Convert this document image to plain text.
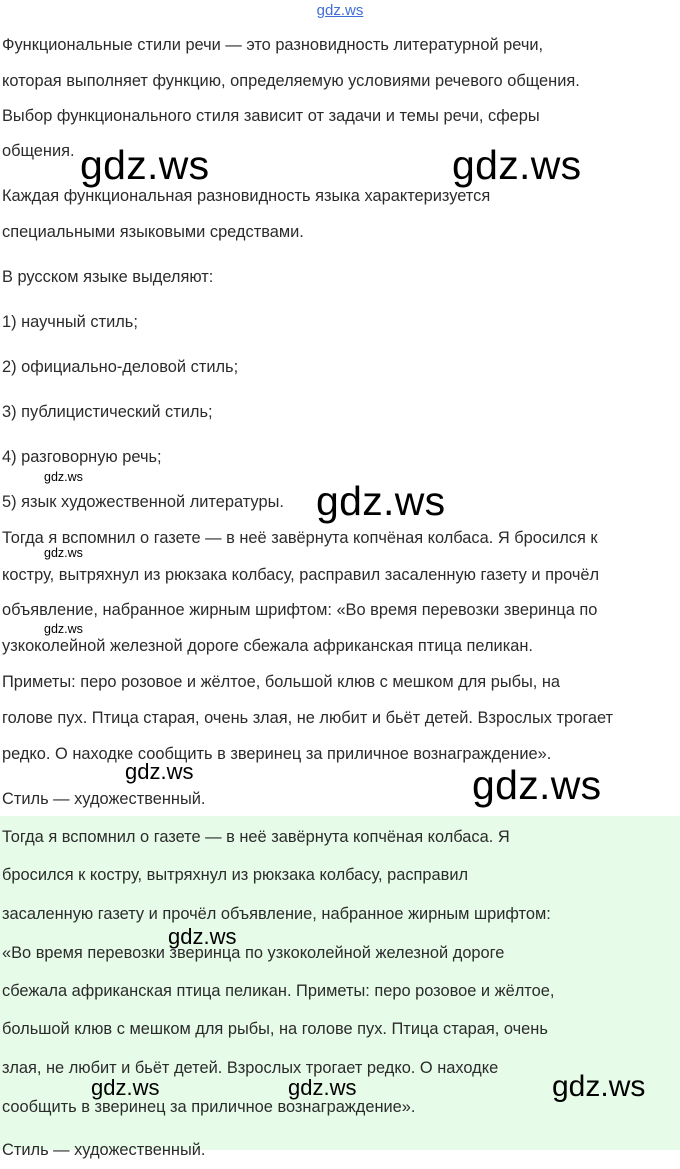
gdz.ws

Функциональные стили речи — это разновидность литературной речи,

которая выполняет функцию, определяемую условиями речевого общения.

Выбор функционального стиля зависит от задачи и темы речи, сферы

общения.

Каждая функциональная разновидность языка характеризуется

специальными языковыми средствами.

В русском языке выделяют:

1) научный стиль;

2) официально-деловой стиль;

3) публицистический стиль;

4) разговорную речь;

5) язык художественной литературы.

Тогда я вспомнил о газете — в неё завёрнута копчёная колбаса. Я бросился к

костру, вытряхнул из рюкзака колбасу, расправил засаленную газету и прочёл

объявление, набранное жирным шрифтом: «Во время перевозки зверинца по

узкоколейной железной дороге сбежала африканская птица пеликан.

Приметы: перо розовое и жёлтое, большой клюв с мешком для рыбы, на

голове пух. Птица старая, очень злая, не любит и бьёт детей. Взрослых трогает

редко. О находке сообщить в зверинец за приличное вознаграждение».

Стиль — художественный.

Тогда я вспомнил о газете — в неё завёрнута копчёная колбаса. Я

бросился к костру, вытряхнул из рюкзака колбасу, расправил

засаленную газету и прочёл объявление, набранное жирным шрифтом:

«Во время перевозки зверинца по узкоколейной железной дороге

сбежала африканская птица пеликан. Приметы: перо розовое и жёлтое,

большой клюв с мешком для рыбы, на голове пух. Птица старая, очень

злая, не любит и бьёт детей. Взрослых трогает редко. О находке

сообщить в зверинец за приличное вознаграждение».

Стиль — художественный.

gdz.ws	gdz.ws
gdz.ws
gdz.ws
gdz.ws
gdz.ws
gdz.ws
gdz.ws
gdz.ws
gdz.ws	gdz.ws	gdz.ws
